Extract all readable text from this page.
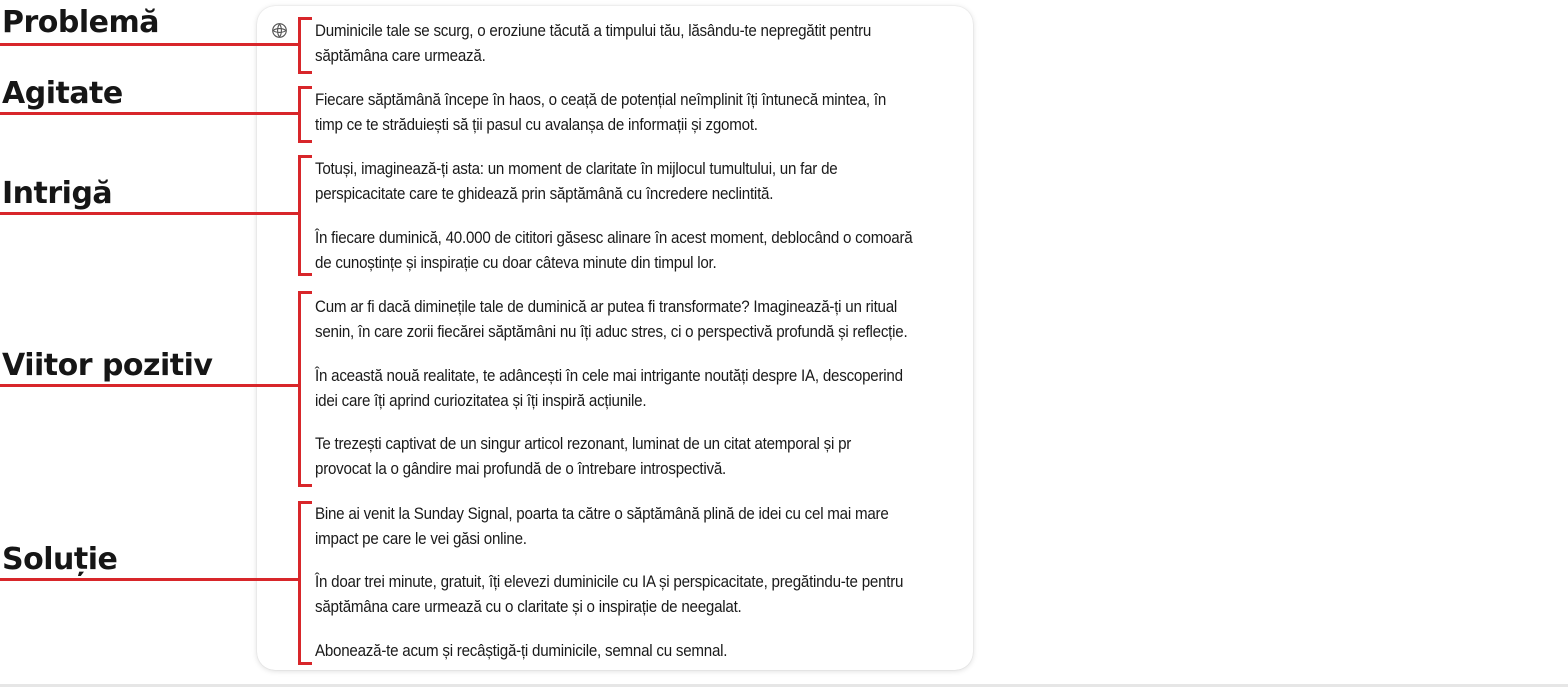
Problemă	Duminicile tale se scurg, o eroziune tăcută a timpului tău, lăsându-te nepregătit pentru
săptămâna care urmează.
Agitate	Fiecare săptămână începe în haos, o ceață de potențial neîmplinit îți întunecă mintea, în
timp ce te străduiești să ții pasul cu avalanșa de informații și zgomot.
Intrigă
Totuși, imaginează-ți asta: un moment de claritate în mijlocul tumultului, un far de
perspicacitate care te ghidează prin săptămână cu încredere neclintită.
În fiecare duminică, 40.000 de cititori găsesc alinare în acest moment, deblocând o comoară
de cunoștințe și inspirație cu doar câteva minute din timpul lor.
Viitor pozitiv
Cum ar fi dacă diminețile tale de duminică ar putea fi transformate? Imaginează-ți un ritual
senin, în care zorii fiecărei săptămâni nu îți aduc stres, ci o perspectivă profundă și reflecție.
În această nouă realitate, te adâncești în cele mai intrigante noutăți despre IA, descoperind
idei care îți aprind curiozitatea și îți inspiră acțiunile.
Te trezești captivat de un singur articol rezonant, luminat de un citat atemporal și pr
provocat la o gândire mai profundă de o întrebare introspectivă.
Soluție
Bine ai venit la Sunday Signal, poarta ta către o săptămână plină de idei cu cel mai mare
impact pe care le vei găsi online.
În doar trei minute, gratuit, îți elevezi duminicile cu IA și perspicacitate, pregătindu-te pentru
săptămâna care urmează cu o claritate și o inspirație de neegalat.
Abonează-te acum și recâștigă-ți duminicile, semnal cu semnal.
